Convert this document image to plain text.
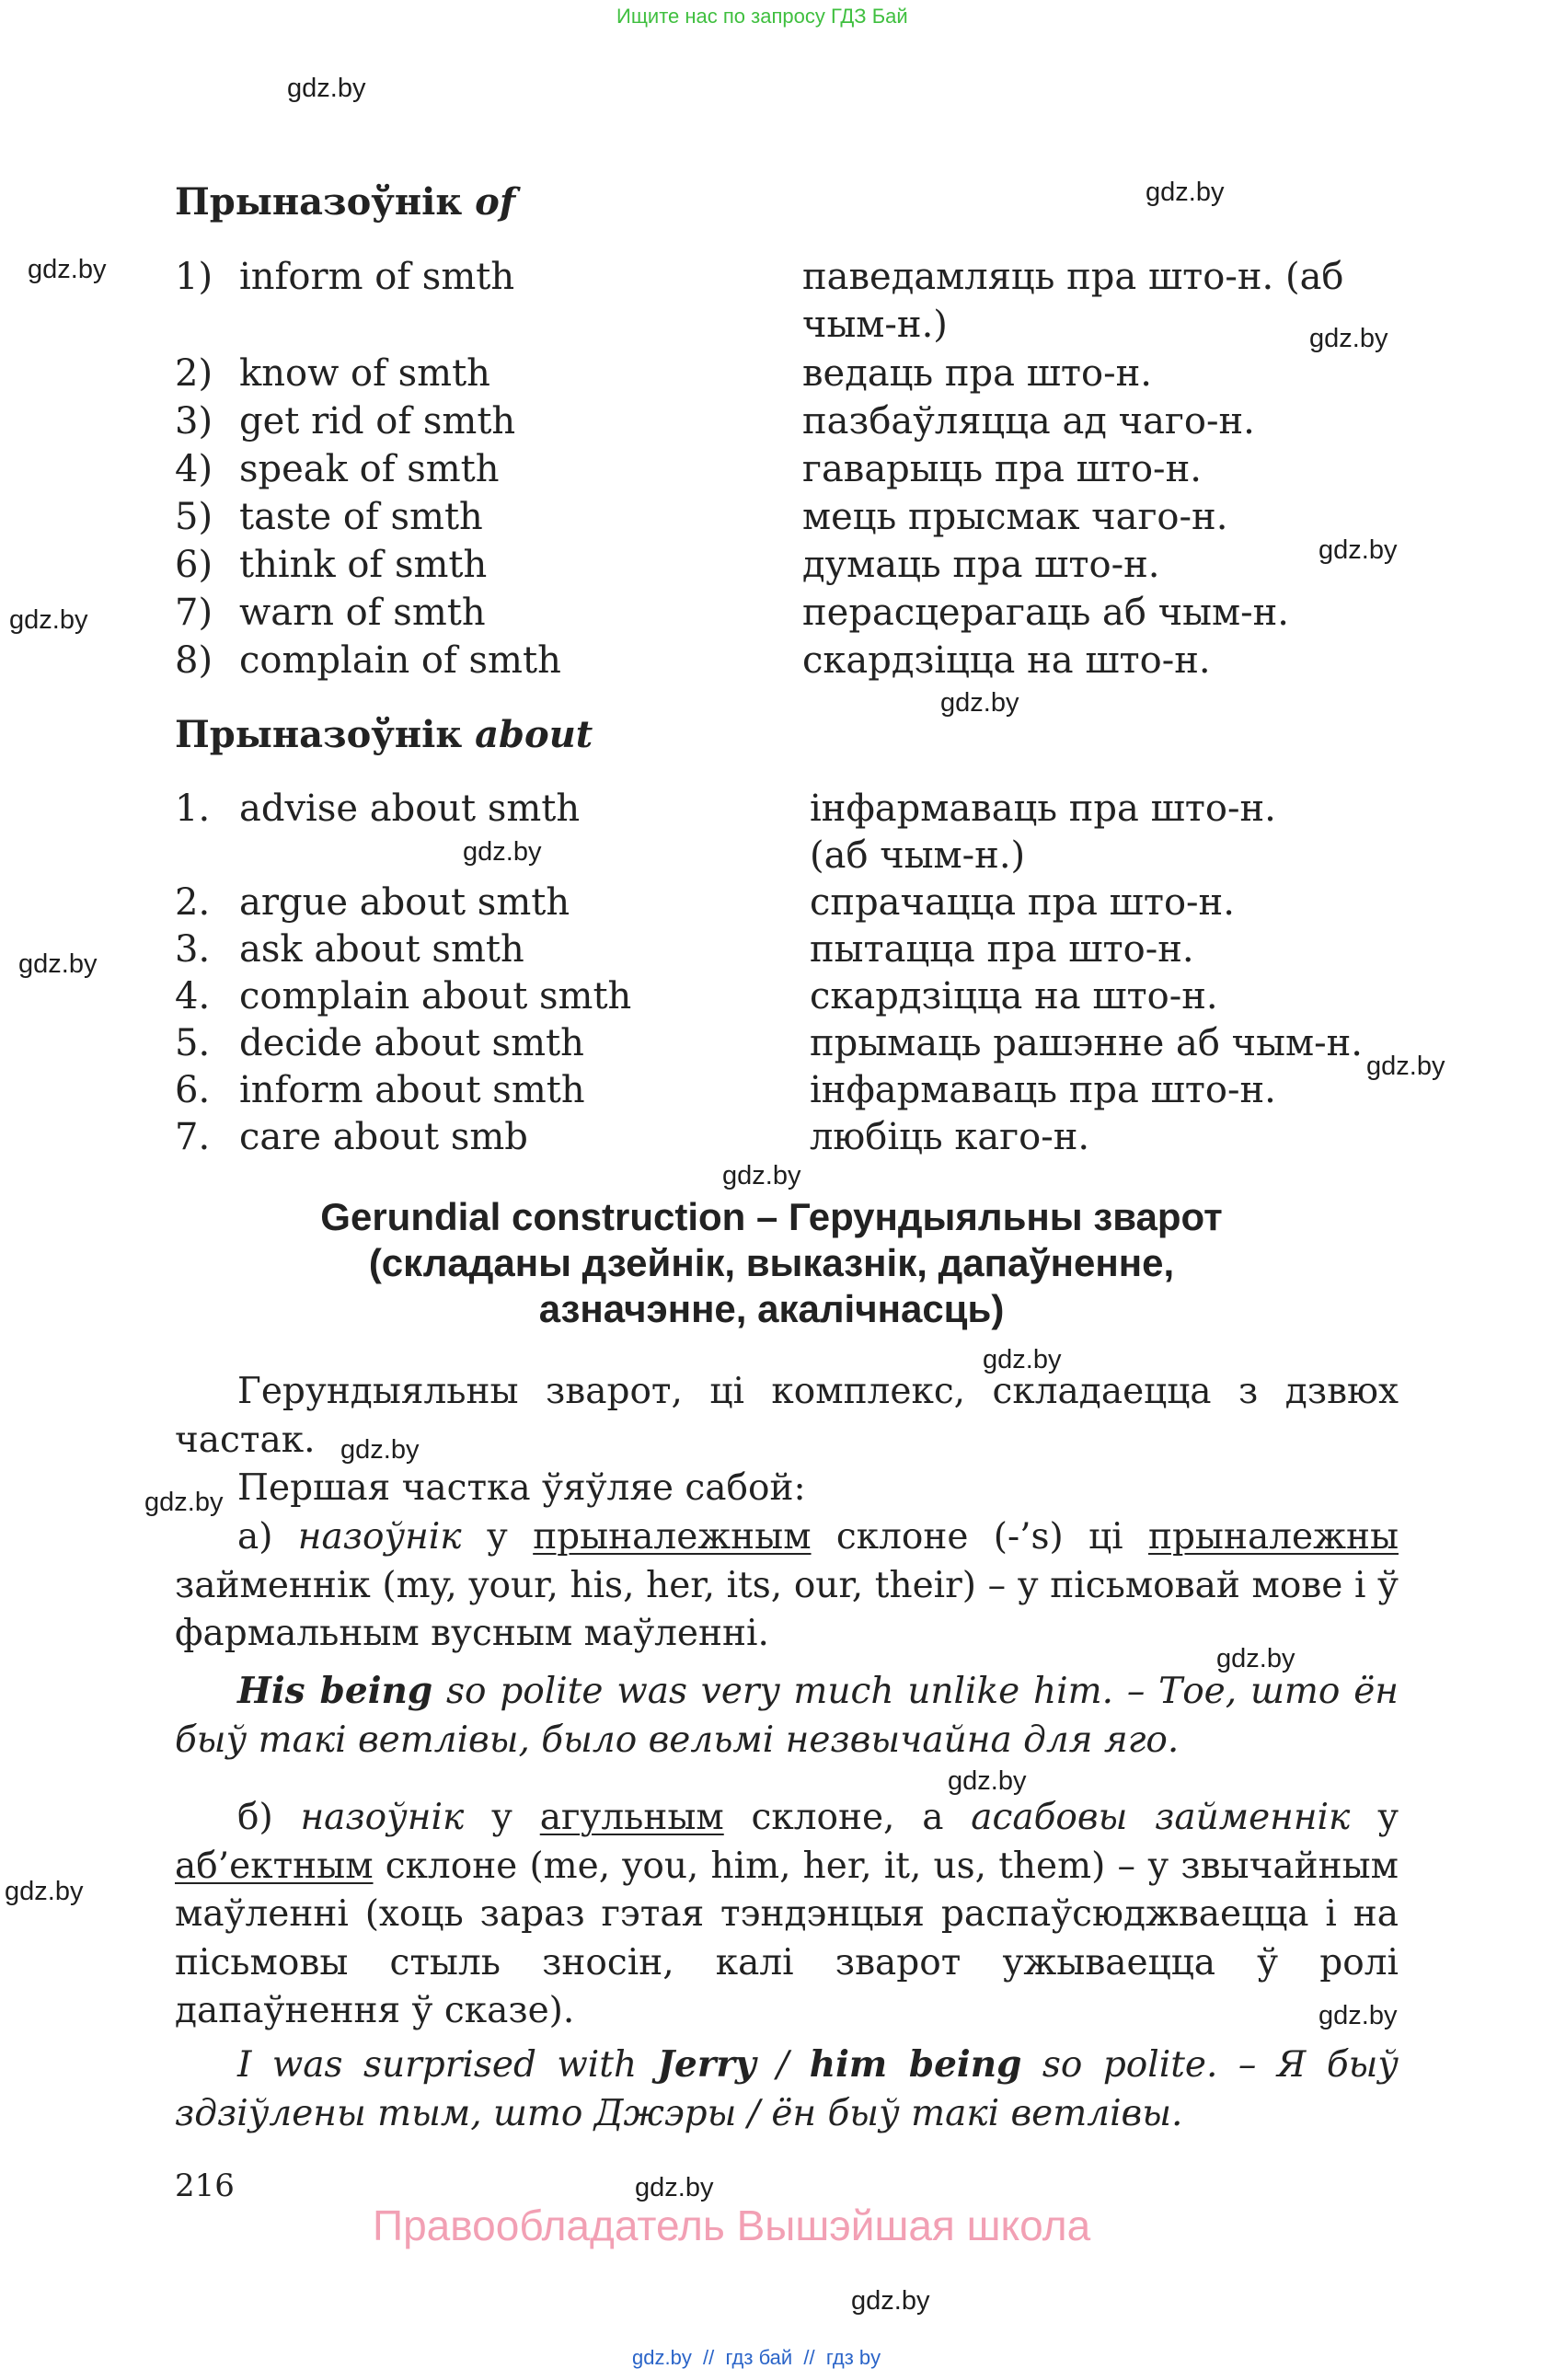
Ищите нас по запросу ГДЗ Бай
gdz.by
gdz.by
gdz.by
gdz.by
gdz.by
gdz.by
gdz.by
gdz.by
gdz.by
gdz.by
gdz.by
gdz.by
gdz.by
gdz.by
gdz.by
gdz.by
gdz.by
gdz.by
gdz.by
gdz.by
Прыназоўнік of
1) inform of smth	паведамляць пра што-н. (аб
чым-н.)
2) know of smth	ведаць пра што-н.
3) get rid of smth	пазбаўляцца ад чаго-н.
4) speak of smth	гаварыць пра што-н.
5) taste of smth	мець прысмак чаго-н.
6) think of smth	думаць пра што-н.
7) warn of smth	перасцерагаць аб чым-н.
8) complain of smth	скардзіцца на што-н.
Прыназоўнік about
1. advise about smth	інфармаваць пра што-н.
(аб чым-н.)
2. argue about smth	спрачацца пра што-н.
3. ask about smth	пытацца пра што-н.
4. complain about smth	скардзіцца на што-н.
5. decide about smth	прымаць рашэнне аб чым-н.
6. inform about smth	інфармаваць пра што-н.
7. care about smb	любіць каго-н.
Gerundial construction – Герундыяльны зварот
(складаны дзейнік, выказнік, дапаўненне,
азначэнне, акалічнасць)
Герундыяльны зварот, ці комплекс, складаецца з дзвюх частак.
Першая частка ўяўляе сабой:
а) назоўнік у прыналежным склоне (-’s) ці прыналежны займеннік (my, your, his, her, its, our, their) – у пісьмовай мове і ў фармальным вусным маўленні.
His being so polite was very much unlike him. – Тое, што ён быў такі ветлівы, было вельмі незвычайна для яго.
б) назоўнік у агульным склоне, а асабовы займеннік у аб’ектным склоне (me, you, him, her, it, us, them) – у звычайным маўленні (хоць зараз гэтая тэндэнцыя распаўсюджваецца і на пісьмовы стыль зносін, калі зварот ужываецца ў ролі дапаўнення ў сказе).
I was surprised with Jerry / him being so polite. – Я быў здзіўлены тым, што Джэры / ён быў такі ветлівы.
216
Правообладатель Вышэйшая школа
gdz.by  //  гдз бай  //  гдз by
